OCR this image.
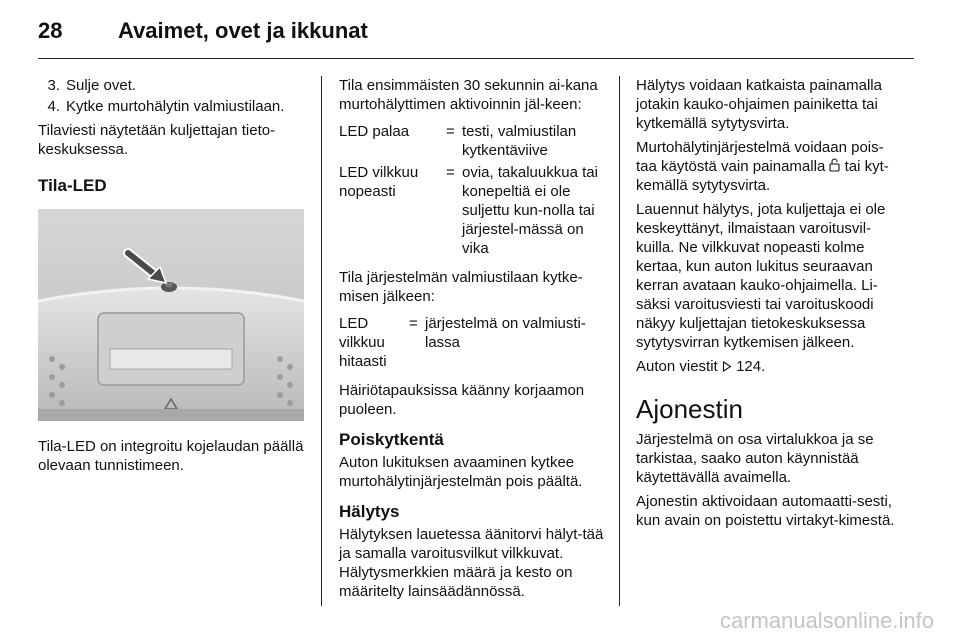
28	Avaimet, ovet ja ikkunat
3. Sulje ovet.
4. Kytke murtohälytin valmiustilaan.

Tilaviesti näytetään kuljettajan tieto-keskuksessa.

Tila-LED

Tila-LED on integroitu kojelaudan päällä olevaan tunnistimeen.

Tila ensimmäisten 30 sekunnin ai-kana murtohälyttimen aktivoinnin jäl-keen:

LED palaa	= testi, valmiustilan kytkentäviive
LED vilkkuu nopeasti
= ovia, takaluukkua tai konepeltiä ei ole suljettu kun-nolla tai järjestel-mässä on vika

Tila järjestelmän valmiustilaan kytke-misen jälkeen:

LED vilkkuu hitaasti
= järjestelmä on valmiusti-lassa

Häiriötapauksissa käänny korjaamon puoleen.

Poiskytkentä

Auton lukituksen avaaminen kytkee murtohälytinjärjestelmän pois päältä.

Hälytys

Hälytyksen lauetessa äänitorvi hälyt-tää ja samalla varoitusvilkut vilkkuvat. Hälytysmerkkien määrä ja kesto on määritelty lainsäädännössä.

Hälytys voidaan katkaista painamalla jotakin kauko-ohjaimen painiketta tai kytkemällä sytytysvirta.

Murtohälytinjärjestelmä voidaan pois-taa käytöstä vain painamalla tai kyt-kemällä sytytysvirta.

Lauennut hälytys, jota kuljettaja ei ole keskeyttänyt, ilmaistaan varoitusvil-kuilla. Ne vilkkuvat nopeasti kolme kertaa, kun auton lukitus seuraavan kerran avataan kauko-ohjaimella. Li-säksi varoitusviesti tai varoituskoodi näkyy kuljettajan tietokeskuksessa sytytysvirran kytkemisen jälkeen.

Auton viestit 124.

Ajonestin

Järjestelmä on osa virtalukkoa ja se tarkistaa, saako auton käynnistää käytettävällä avaimella.

Ajonestin aktivoidaan automaatti-sesti, kun avain on poistettu virtakyt-kimestä.

carmanualsonline.info
